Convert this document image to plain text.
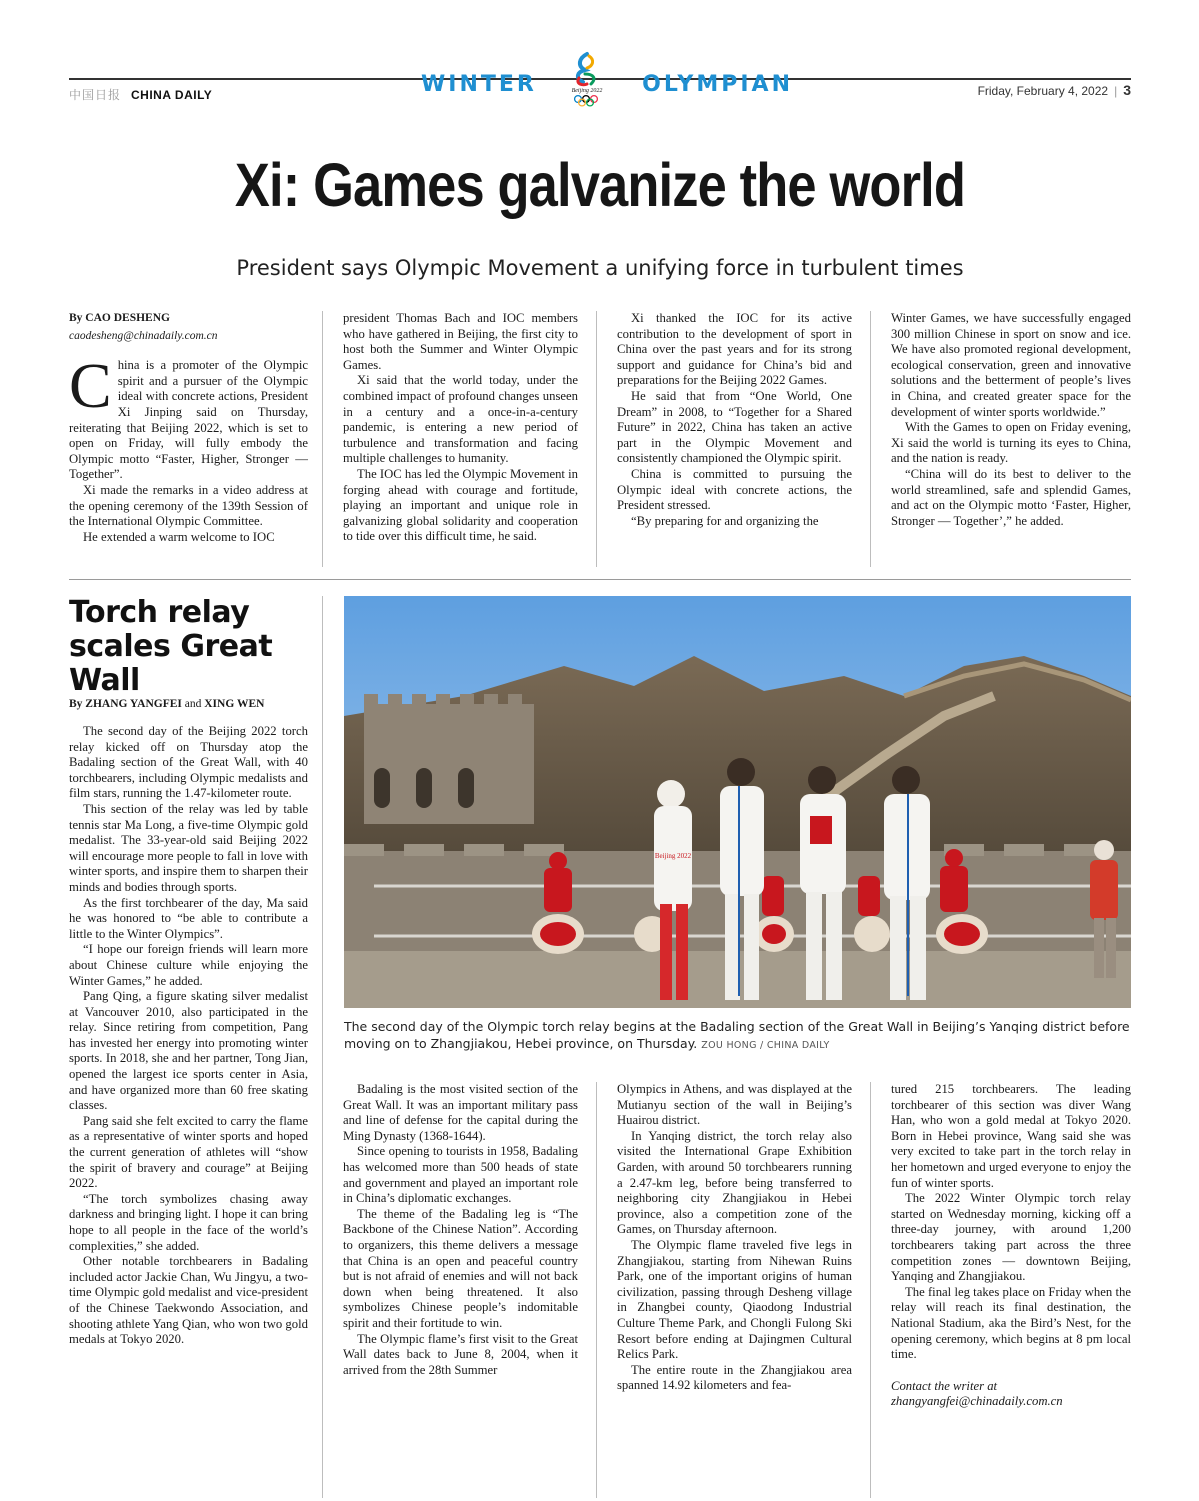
中国日报 CHINA DAILY	WINTER	Beijing 2022 OLYMPIAN	Friday, February 4, 2022 | 3
Xi: Games galvanize the world
President says Olympic Movement a unifying force in turbulent times
By CAO DESHENG
caodesheng@chinadaily.com.cn

China is a promoter of the Olympic spirit and a pursuer of the Olympic ideal with concrete actions, President Xi Jinping said on Thursday, reiterating that Beijing 2022, which is set to open on Friday, will fully embody the Olympic motto “Faster, Higher, Stronger — Together”.

Xi made the remarks in a video address at the opening ceremony of the 139th Session of the International Olympic Committee.

He extended a warm welcome to IOC

president Thomas Bach and IOC members who have gathered in Beijing, the first city to host both the Summer and Winter Olympic Games.

Xi said that the world today, under the combined impact of profound changes unseen in a century and a once-in-a-century pandemic, is entering a new period of turbulence and transformation and facing multiple challenges to humanity.

The IOC has led the Olympic Movement in forging ahead with courage and fortitude, playing an important and unique role in galvanizing global solidarity and cooperation to tide over this difficult time, he said.

Xi thanked the IOC for its active contribution to the development of sport in China over the past years and for its strong support and guidance for China’s bid and preparations for the Beijing 2022 Games.

He said that from “One World, One Dream” in 2008, to “Together for a Shared Future” in 2022, China has taken an active part in the Olympic Movement and consistently championed the Olympic spirit.

China is committed to pursuing the Olympic ideal with concrete actions, the President stressed.

“By preparing for and organizing the

Winter Games, we have successfully engaged 300 million Chinese in sport on snow and ice. We have also promoted regional development, ecological conservation, green and innovative solutions and the betterment of people’s lives in China, and created greater space for the development of winter sports worldwide.”

With the Games to open on Friday evening, Xi said the world is turning its eyes to China, and the nation is ready.

“China will do its best to deliver to the world streamlined, safe and splendid Games, and act on the Olympic motto ‘Faster, Higher, Stronger — Together’,” he added.

Torch relay scales Great Wall
By ZHANG YANGFEI and XING WEN

The second day of the Beijing 2022 torch relay kicked off on Thursday atop the Badaling section of the Great Wall, with 40 torchbearers, including Olympic medalists and film stars, running the 1.47-kilometer route.

This section of the relay was led by table tennis star Ma Long, a five-time Olympic gold medalist. The 33-year-old said Beijing 2022 will encourage more people to fall in love with winter sports, and inspire them to sharpen their minds and bodies through sports.

As the first torchbearer of the day, Ma said he was honored to “be able to contribute a little to the Winter Olympics”.

“I hope our foreign friends will learn more about Chinese culture while enjoying the Winter Games,” he added.

Pang Qing, a figure skating silver medalist at Vancouver 2010, also participated in the relay. Since retiring from competition, Pang has invested her energy into promoting winter sports. In 2018, she and her partner, Tong Jian, opened the largest ice sports center in Asia, and have organized more than 60 free skating classes.

Pang said she felt excited to carry the flame as a representative of winter sports and hoped the current generation of athletes will “show the spirit of bravery and courage” at Beijing 2022.

“The torch symbolizes chasing away darkness and bringing light. I hope it can bring hope to all people in the face of the world’s complexities,” she added.

Other notable torchbearers in Badaling included actor Jackie Chan, Wu Jingyu, a two-time Olympic gold medalist and vice-president of the Chinese Taekwondo Association, and shooting athlete Yang Qian, who won two gold medals at Tokyo 2020.

Beijing 2022
The second day of the Olympic torch relay begins at the Badaling section of the Great Wall in Beijing’s Yanqing district before moving on to Zhangjiakou, Hebei province, on Thursday. ZOU HONG / CHINA DAILY

Badaling is the most visited section of the Great Wall. It was an important military pass and line of defense for the capital during the Ming Dynasty (1368-1644).

Since opening to tourists in 1958, Badaling has welcomed more than 500 heads of state and government and played an important role in China’s diplomatic exchanges.

The theme of the Badaling leg is “The Backbone of the Chinese Nation”. According to organizers, this theme delivers a message that China is an open and peaceful country but is not afraid of enemies and will not back down when being threatened. It also symbolizes Chinese people’s indomitable spirit and their fortitude to win.

The Olympic flame’s first visit to the Great Wall dates back to June 8, 2004, when it arrived from the 28th Summer

Olympics in Athens, and was displayed at the Mutianyu section of the wall in Beijing’s Huairou district.

In Yanqing district, the torch relay also visited the International Grape Exhibition Garden, with around 50 torchbearers running a 2.47-km leg, before being transferred to neighboring city Zhangjiakou in Hebei province, also a competition zone of the Games, on Thursday afternoon.

The Olympic flame traveled five legs in Zhangjiakou, starting from Nihewan Ruins Park, one of the important origins of human civilization, passing through Desheng village in Zhangbei county, Qiaodong Industrial Culture Theme Park, and Chongli Fulong Ski Resort before ending at Dajingmen Cultural Relics Park.

The entire route in the Zhangjiakou area spanned 14.92 kilometers and fea-

tured 215 torchbearers. The leading torchbearer of this section was diver Wang Han, who won a gold medal at Tokyo 2020. Born in Hebei province, Wang said she was very excited to take part in the torch relay in her hometown and urged everyone to enjoy the fun of winter sports.

The 2022 Winter Olympic torch relay started on Wednesday morning, kicking off a three-day journey, with around 1,200 torchbearers taking part across the three competition zones — downtown Beijing, Yanqing and Zhangjiakou.

The final leg takes place on Friday when the relay will reach its final destination, the National Stadium, aka the Bird’s Nest, for the opening ceremony, which begins at 8 pm local time.

Contact the writer at
zhangyangfei@chinadaily.com.cn
